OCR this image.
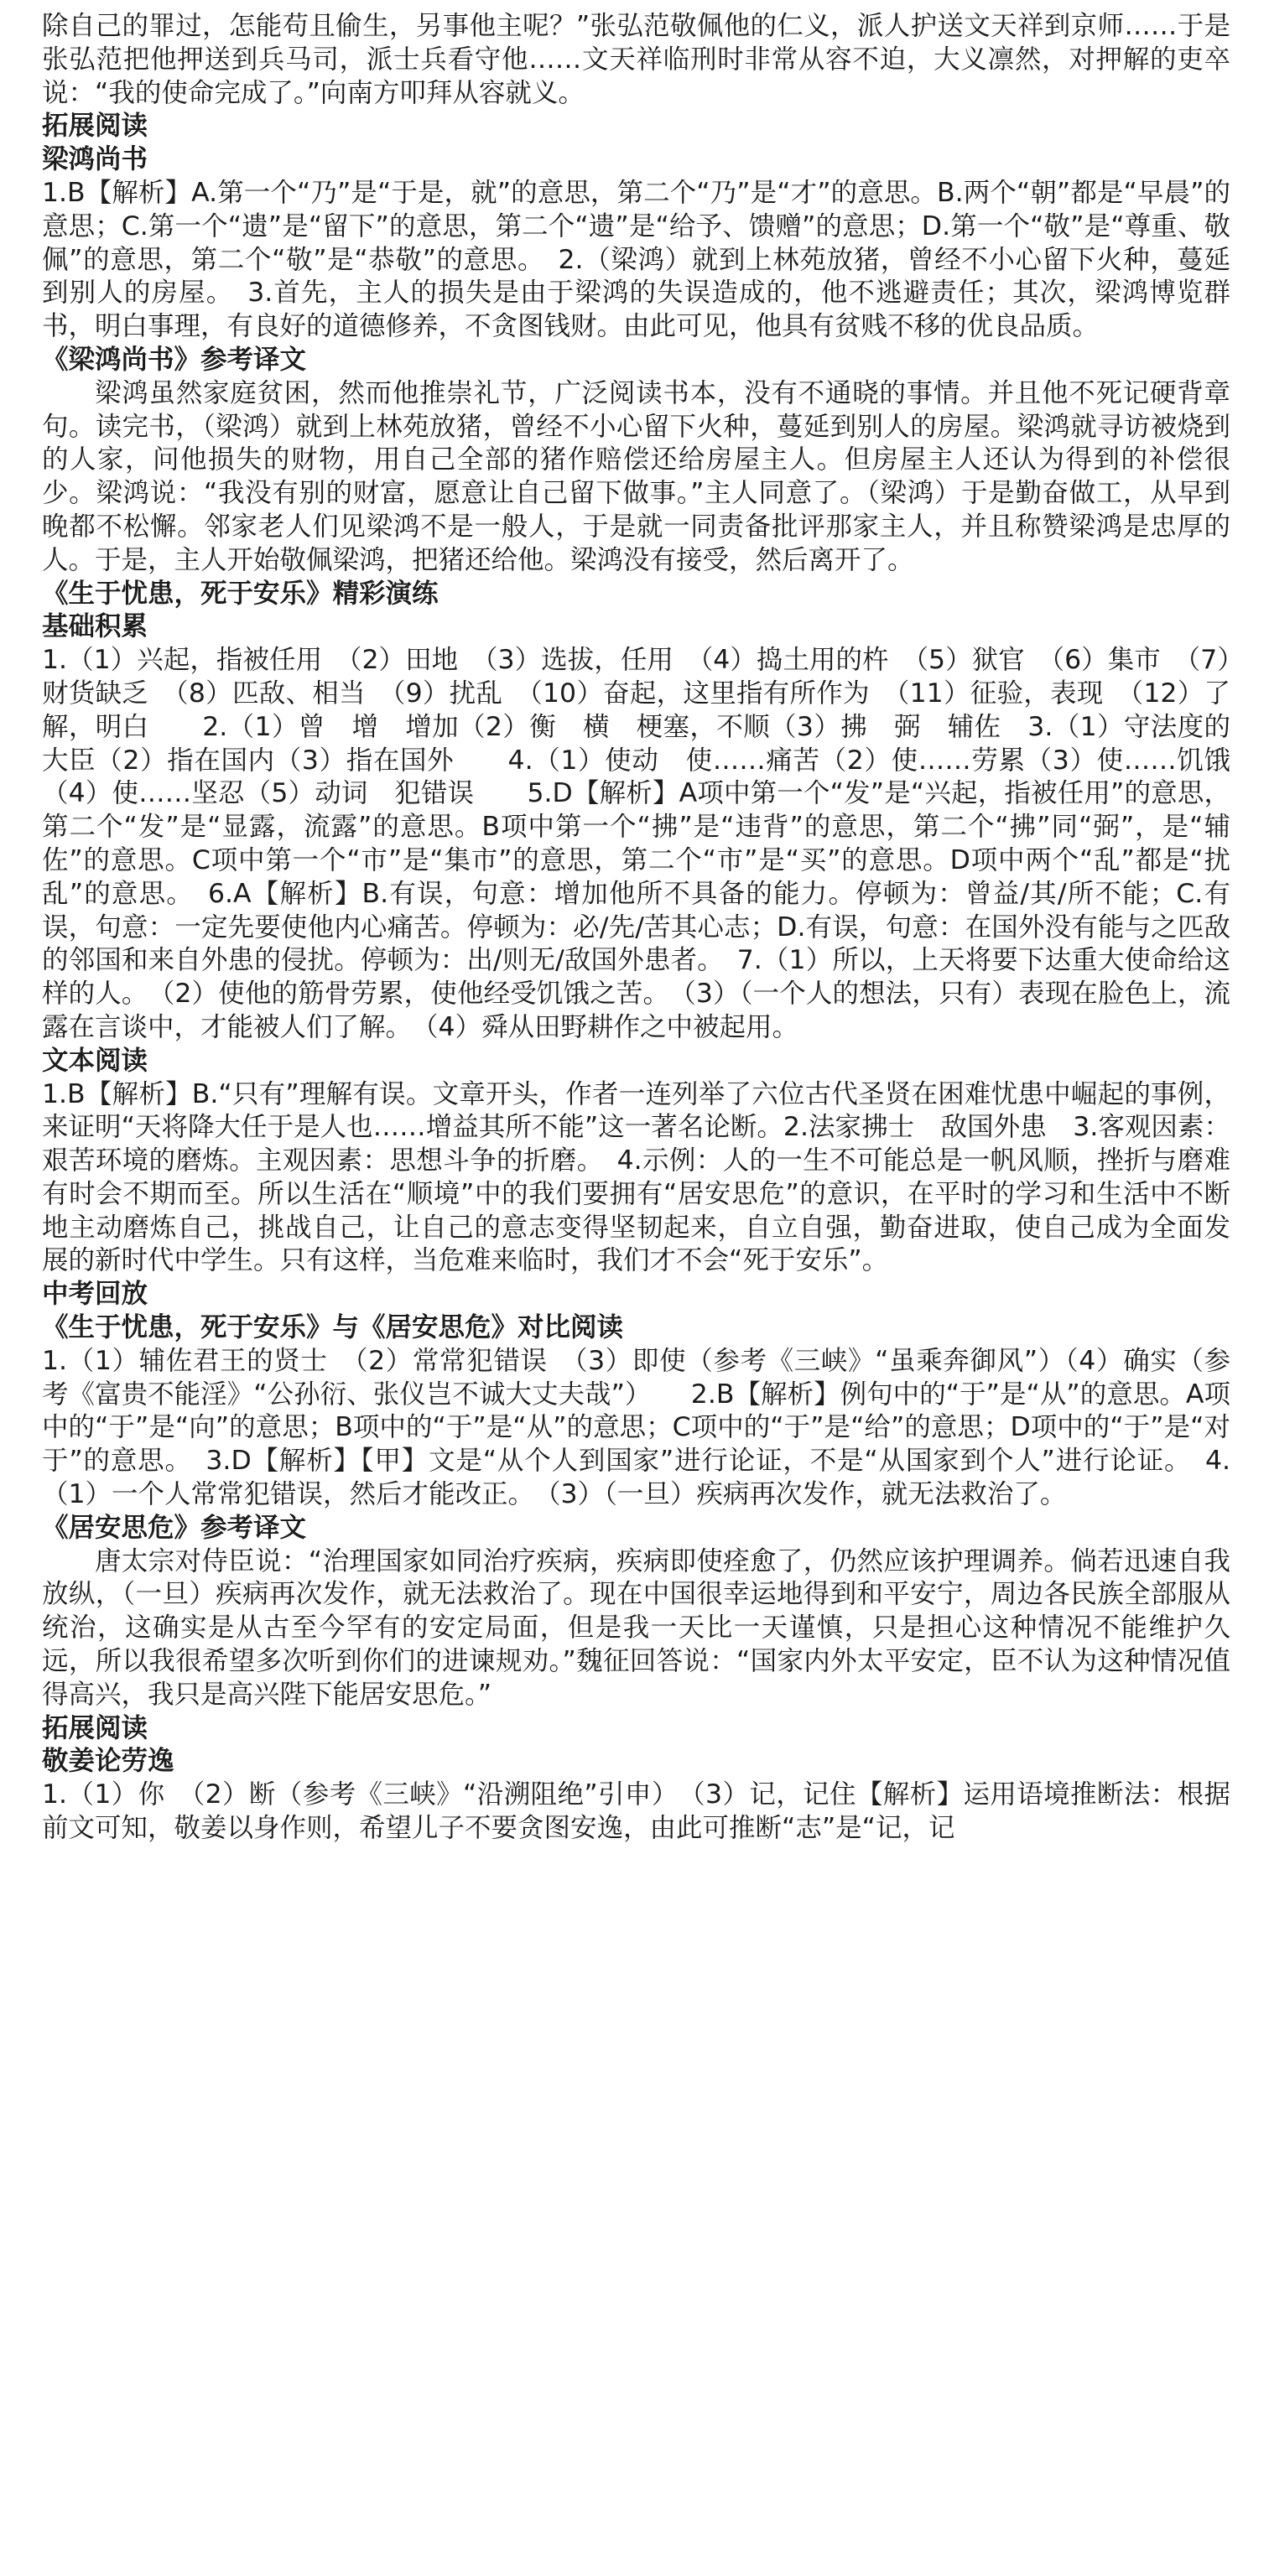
除自己的罪过，怎能苟且偷生，另事他主呢？”张弘范敬佩他的仁义，派人护送文天祥到京师……于是张弘范把他押送到兵马司，派士兵看守他……文天祥临刑时非常从容不迫，大义凛然，对押解的吏卒说：“我的使命完成了。”向南方叩拜从容就义。

拓展阅读

梁鸿尚书

1.B【解析】A.第一个“乃”是“于是，就”的意思，第二个“乃”是“才”的意思。B.两个“朝”都是“早晨”的意思；C.第一个“遗”是“留下”的意思，第二个“遗”是“给予、馈赠”的意思；D.第一个“敬”是“尊重、敬佩”的意思，第二个“敬”是“恭敬”的意思。　2.（梁鸿）就到上林苑放猪，曾经不小心留下火种，蔓延到别人的房屋。　3.首先，主人的损失是由于梁鸿的失误造成的，他不逃避责任；其次，梁鸿博览群书，明白事理，有良好的道德修养，不贪图钱财。由此可见，他具有贫贱不移的优良品质。

《梁鸿尚书》参考译文

梁鸿虽然家庭贫困，然而他推崇礼节，广泛阅读书本，没有不通晓的事情。并且他不死记硬背章句。读完书，（梁鸿）就到上林苑放猪，曾经不小心留下火种，蔓延到别人的房屋。梁鸿就寻访被烧到的人家，问他损失的财物，用自己全部的猪作赔偿还给房屋主人。但房屋主人还认为得到的补偿很少。梁鸿说：“我没有别的财富，愿意让自己留下做事。”主人同意了。（梁鸿）于是勤奋做工，从早到晚都不松懈。邻家老人们见梁鸿不是一般人，于是就一同责备批评那家主人，并且称赞梁鸿是忠厚的人。于是，主人开始敬佩梁鸿，把猪还给他。梁鸿没有接受，然后离开了。

《生于忧患，死于安乐》精彩演练

基础积累

1.（1）兴起，指被任用　（2）田地　（3）选拔，任用　（4）捣土用的杵　（5）狱官　（6）集市　（7）财货缺乏　（8）匹敌、相当　（9）扰乱　（10）奋起，这里指有所作为　（11）征验，表现　（12）了解，明白　　2.（1）曾　增　增加（2）衡　横　梗塞，不顺（3）拂　弼　辅佐　3.（1）守法度的大臣（2）指在国内（3）指在国外　　4.（1）使动　使……痛苦（2）使……劳累（3）使……饥饿（4）使……坚忍（5）动词　犯错误　　5.D【解析】A项中第一个“发”是“兴起，指被任用”的意思，第二个“发”是“显露，流露”的意思。B项中第一个“拂”是“违背”的意思，第二个“拂”同“弼”，是“辅佐”的意思。C项中第一个“市”是“集市”的意思，第二个“市”是“买”的意思。D项中两个“乱”都是“扰乱”的意思。　6.A【解析】B.有误，句意：增加他所不具备的能力。停顿为：曾益/其/所不能；C.有误，句意：一定先要使他内心痛苦。停顿为：必/先/苦其心志；D.有误，句意：在国外没有能与之匹敌的邻国和来自外患的侵扰。停顿为：出/则无/敌国外患者。　7.（1）所以，上天将要下达重大使命给这样的人。　（2）使他的筋骨劳累，使他经受饥饿之苦。　（3）（一个人的想法，只有）表现在脸色上，流露在言谈中，才能被人们了解。　（4）舜从田野耕作之中被起用。

文本阅读

1.B【解析】B.“只有”理解有误。文章开头，作者一连列举了六位古代圣贤在困难忧患中崛起的事例，来证明“天将降大任于是人也……增益其所不能”这一著名论断。2.法家拂士　敌国外患　3.客观因素：艰苦环境的磨炼。主观因素：思想斗争的折磨。　4.示例：人的一生不可能总是一帆风顺，挫折与磨难有时会不期而至。所以生活在“顺境”中的我们要拥有“居安思危”的意识，在平时的学习和生活中不断地主动磨炼自己，挑战自己，让自己的意志变得坚韧起来，自立自强，勤奋进取，使自己成为全面发展的新时代中学生。只有这样，当危难来临时，我们才不会“死于安乐”。

中考回放

《生于忧患，死于安乐》与《居安思危》对比阅读

1.（1）辅佐君王的贤士　（2）常常犯错误　（3）即使（参考《三峡》“虽乘奔御风”）（4）确实（参考《富贵不能淫》“公孙衍、张仪岂不诚大丈夫哉”）　　2.B【解析】例句中的“于”是“从”的意思。A项中的“于”是“向”的意思；B项中的“于”是“从”的意思；C项中的“于”是“给”的意思；D项中的“于”是“对于”的意思。　3.D【解析】【甲】文是“从个人到国家”进行论证，不是“从国家到个人”进行论证。　4.（1）一个人常常犯错误，然后才能改正。　（3）（一旦）疾病再次发作，就无法救治了。

《居安思危》参考译文

唐太宗对侍臣说：“治理国家如同治疗疾病，疾病即使痊愈了，仍然应该护理调养。倘若迅速自我放纵，（一旦）疾病再次发作，就无法救治了。现在中国很幸运地得到和平安宁，周边各民族全部服从统治，这确实是从古至今罕有的安定局面，但是我一天比一天谨慎，只是担心这种情况不能维护久远，所以我很希望多次听到你们的进谏规劝。”魏征回答说：“国家内外太平安定，臣不认为这种情况值得高兴，我只是高兴陛下能居安思危。”

拓展阅读

敬姜论劳逸

1.（1）你　（2）断（参考《三峡》“沿溯阻绝”引申）　（3）记，记住【解析】运用语境推断法：根据前文可知，敬姜以身作则，希望儿子不要贪图安逸，由此可推断“志”是“记，记
